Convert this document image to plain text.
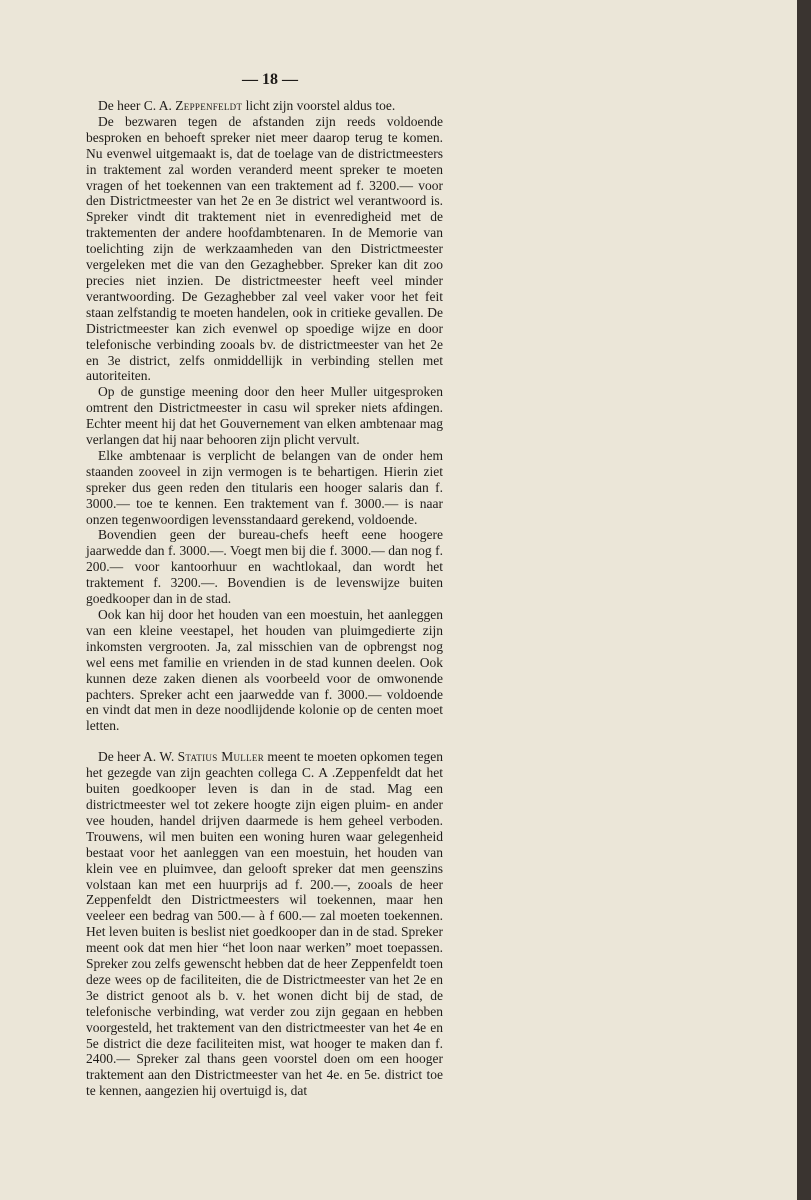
— 18 —

De heer C. A. Zeppenfeldt licht zijn voorstel aldus toe.

De bezwaren tegen de afstanden zijn reeds voldoende besproken en behoeft spreker niet meer daarop terug te komen. Nu evenwel uitgemaakt is, dat de toelage van de districtmeesters in traktement zal worden veranderd meent spreker te moeten vragen of het toekennen van een traktement ad f. 3200.— voor den Districtmeester van het 2e en 3e district wel verantwoord is. Spreker vindt dit traktement niet in evenredigheid met de traktementen der andere hoofdambtenaren. In de Memorie van toelichting zijn de werkzaamheden van den Districtmeester vergeleken met die van den Gezaghebber. Spreker kan dit zoo precies niet inzien. De districtmeester heeft veel minder verantwoording. De Gezaghebber zal veel vaker voor het feit staan zelfstandig te moeten handelen, ook in critieke gevallen. De Districtmeester kan zich evenwel op spoedige wijze en door telefonische verbinding zooals bv. de districtmeester van het 2e en 3e district, zelfs onmiddellijk in verbinding stellen met autoriteiten.

Op de gunstige meening door den heer Muller uitgesproken omtrent den Districtmeester in casu wil spreker niets afdingen. Echter meent hij dat het Gouvernement van elken ambtenaar mag verlangen dat hij naar behooren zijn plicht vervult.

Elke ambtenaar is verplicht de belangen van de onder hem staanden zooveel in zijn vermogen is te behartigen. Hierin ziet spreker dus geen reden den titularis een hooger salaris dan f. 3000.— toe te kennen. Een traktement van f. 3000.— is naar onzen tegenwoordigen levensstandaard gerekend, voldoende.

Bovendien geen der bureau-chefs heeft eene hoogere jaarwedde dan f. 3000.—. Voegt men bij die f. 3000.— dan nog f. 200.— voor kantoorhuur en wachtlokaal, dan wordt het traktement f. 3200.—. Bovendien is de levenswijze buiten goedkooper dan in de stad.

Ook kan hij door het houden van een moestuin, het aanleggen van een kleine veestapel, het houden van pluimgedierte zijn inkomsten vergrooten. Ja, zal misschien van de opbrengst nog wel eens met familie en vrienden in de stad kunnen deelen. Ook kunnen deze zaken dienen als voorbeeld voor de omwonende pachters. Spreker acht een jaarwedde van f. 3000.— voldoende en vindt dat men in deze noodlijdende kolonie op de centen moet letten.

De heer A. W. Statius Muller meent te moeten opkomen tegen het gezegde van zijn geachten collega C. A .Zeppenfeldt dat het buiten goedkooper leven is dan in de stad. Mag een districtmeester wel tot zekere hoogte zijn eigen pluim- en ander vee houden, handel drijven daarmede is hem geheel verboden. Trouwens, wil men buiten een woning huren waar gelegenheid bestaat voor het aanleggen van een moestuin, het houden van klein vee en pluimvee, dan gelooft spreker dat men geenszins volstaan kan met een huurprijs ad f. 200.—, zooals de heer Zeppenfeldt den Districtmeesters wil toekennen, maar hen veeleer een bedrag van 500.— à f 600.— zal moeten toekennen. Het leven buiten is beslist niet goedkooper dan in de stad. Spreker meent ook dat men hier “het loon naar werken” moet toepassen. Spreker zou zelfs gewenscht hebben dat de heer Zeppenfeldt toen deze wees op de faciliteiten, die de Districtmeester van het 2e en 3e district genoot als b. v. het wonen dicht bij de stad, de telefonische verbinding, wat verder zou zijn gegaan en hebben voorgesteld, het traktement van den districtmeester van het 4e en 5e district die deze faciliteiten mist, wat hooger te maken dan f. 2400.— Spreker zal thans geen voorstel doen om een hooger traktement aan den Districtmeester van het 4e. en 5e. district toe te kennen, aangezien hij overtuigd is, dat
